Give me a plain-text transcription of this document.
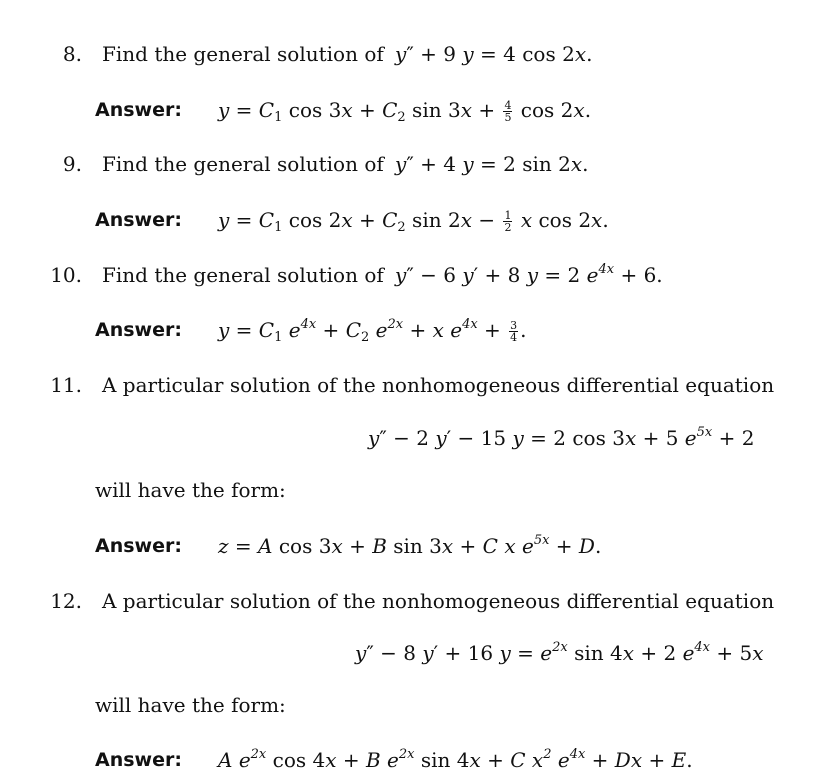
8. Find the general solution of y″ + 9 y = 4 cos 2x.
Answer: $y = C_1$ $\cos 3x + C_2$ $\sin 3x + \frac{4}{5}$ cos 2x.
9. Find the general solution of y″ + 4 y = 2 sin 2x.
Answer: $y = C_1$ $\cos 2x + C_2$ $\sin 2x - \frac{1}{2}$ x cos 2x.
10. Find the general solution of y″ − 6 y′ + 8 y = 2 $e^{4x} + 6$.
Answer: $y = C_1$ $e^{4x} + C_2$ $e^{2x} + x$ $e^{4x} + \frac{3}{4}$ .
11. A particular solution of the nonhomogeneous differential equation
y″ − 2 y′ − 15 y = 2 cos 3x + 5 $e^{5x} + 2$
will have the form:
Answer: z = A cos 3x + B sin 3x + C x $e^{5x} + D$.
12. A particular solution of the nonhomogeneous differential equation
y″ − 8 y′ + 16 $y = e^{2x}$ sin 4x + 2 $e^{4x} + 5x$
will have the form:
Answer: A $e^{2x}$ cos 4x + B $e^{2x}$ sin 4x + C $x^2$ $e^{4x} + Dx + E$.
